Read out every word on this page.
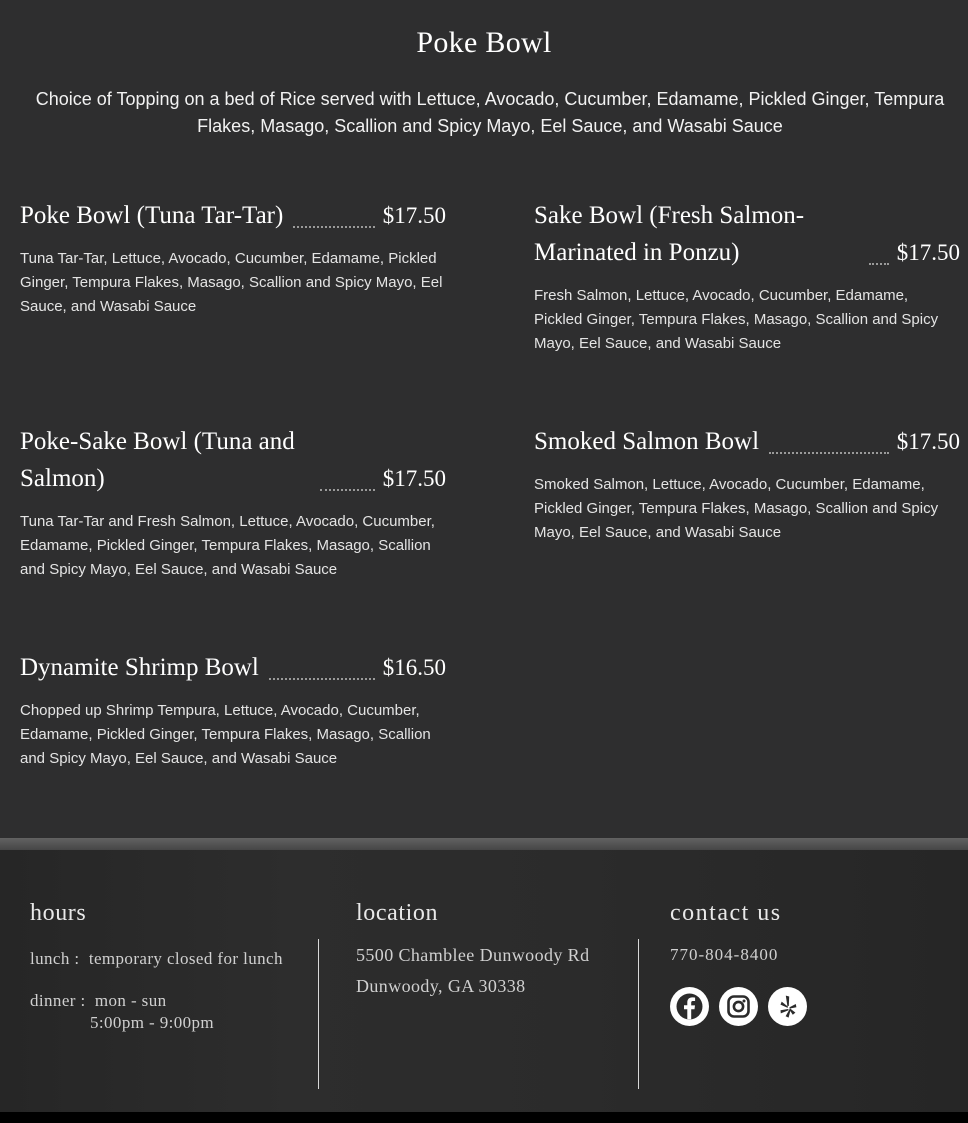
Poke Bowl
Choice of Topping on a bed of Rice served with Lettuce, Avocado, Cucumber, Edamame, Pickled Ginger, Tempura Flakes, Masago, Scallion and Spicy Mayo, Eel Sauce, and Wasabi Sauce
Poke Bowl (Tuna Tar-Tar)	$17.50
Tuna Tar-Tar, Lettuce, Avocado, Cucumber, Edamame, Pickled Ginger, Tempura Flakes, Masago, Scallion and Spicy Mayo, Eel Sauce, and Wasabi Sauce
Sake Bowl (Fresh Salmon-Marinated in Ponzu)	$17.50
Fresh Salmon, Lettuce, Avocado, Cucumber, Edamame, Pickled Ginger, Tempura Flakes, Masago, Scallion and Spicy Mayo, Eel Sauce, and Wasabi Sauce
Poke-Sake Bowl (Tuna and Salmon)	$17.50
Tuna Tar-Tar and Fresh Salmon, Lettuce, Avocado, Cucumber, Edamame, Pickled Ginger, Tempura Flakes, Masago, Scallion and Spicy Mayo, Eel Sauce, and Wasabi Sauce
Smoked Salmon Bowl	$17.50
Smoked Salmon, Lettuce, Avocado, Cucumber, Edamame, Pickled Ginger, Tempura Flakes, Masago, Scallion and Spicy Mayo, Eel Sauce, and Wasabi Sauce
Dynamite Shrimp Bowl	$16.50
Chopped up Shrimp Tempura, Lettuce, Avocado, Cucumber, Edamame, Pickled Ginger, Tempura Flakes, Masago, Scallion and Spicy Mayo, Eel Sauce, and Wasabi Sauce
hours
lunch :  temporary closed for lunch
dinner :  mon - sun
5:00pm - 9:00pm
location
5500 Chamblee Dunwoody Rd
Dunwoody, GA 30338
contact us
770-804-8400
